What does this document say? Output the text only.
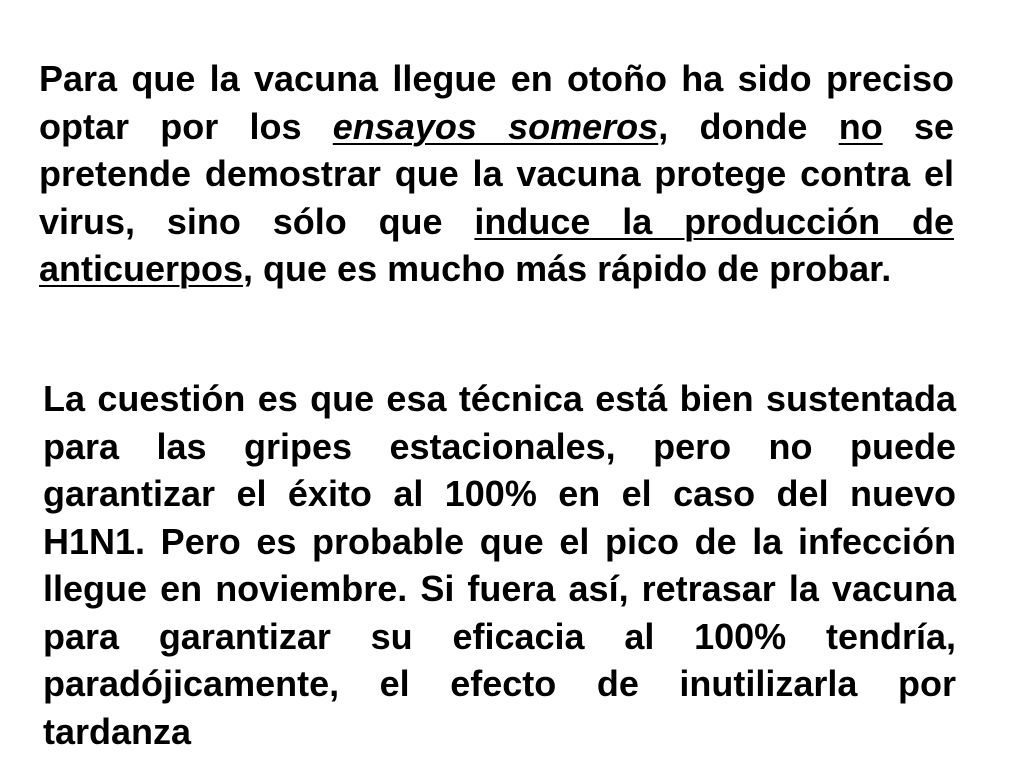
Para que la vacuna llegue en otoño ha sido preciso optar por los ensayos someros, donde no se pretende demostrar que la vacuna protege contra el virus, sino sólo que induce la producción de anticuerpos, que es mucho más rápido de probar.

La cuestión es que esa técnica está bien sustentada para las gripes estacionales, pero no puede garantizar el éxito al 100% en el caso del nuevo H1N1. Pero es probable que el pico de la infección llegue en noviembre. Si fuera así, retrasar la vacuna para garantizar su eficacia al 100% tendría, paradójicamente, el efecto de inutilizarla por tardanza
